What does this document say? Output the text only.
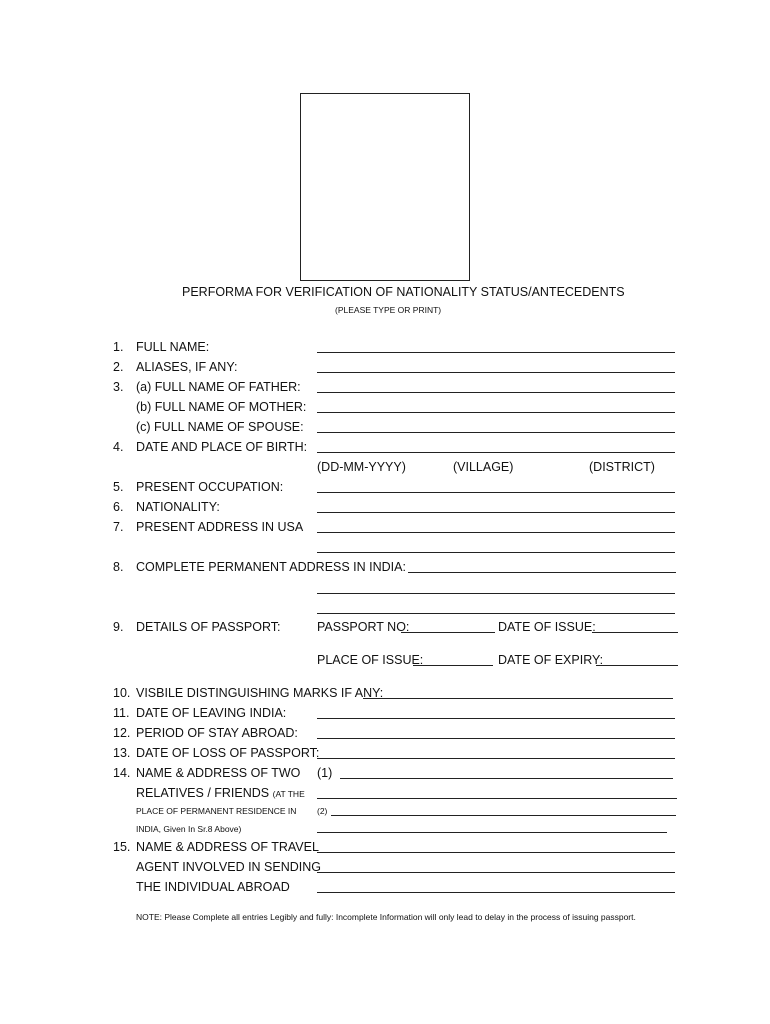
PERFORMA FOR VERIFICATION OF NATIONALITY STATUS/ANTECEDENTS
(PLEASE TYPE OR PRINT)
1. FULL NAME:
2. ALIASES, IF ANY:
3. (a) FULL NAME OF FATHER:
(b) FULL NAME OF MOTHER:
(c) FULL NAME OF SPOUSE:
4. DATE AND PLACE OF BIRTH:
(DD-MM-YYYY)	(VILLAGE)	(DISTRICT)
5. PRESENT OCCUPATION:
6. NATIONALITY:
7. PRESENT ADDRESS IN USA
8. COMPLETE PERMANENT ADDRESS IN INDIA:
9. DETAILS OF PASSPORT:	PASSPORT NO:	DATE OF ISSUE:
PLACE OF ISSUE:	DATE OF EXPIRY:
10. VISBILE DISTINGUISHING MARKS IF ANY:
11. DATE OF LEAVING INDIA:
12. PERIOD OF STAY ABROAD:
13. DATE OF LOSS OF PASSPORT:
14. NAME & ADDRESS OF TWO (1)
RELATIVES / FRIENDS (AT THE
PLACE OF PERMANENT RESIDENCE IN (2)
INDIA, Given In Sr.8 Above)
15. NAME & ADDRESS OF TRAVEL
AGENT INVOLVED IN SENDING
THE INDIVIDUAL ABROAD
NOTE: Please Complete all entries Legibly and fully: Incomplete Information will only lead to delay in the process of issuing passport.
